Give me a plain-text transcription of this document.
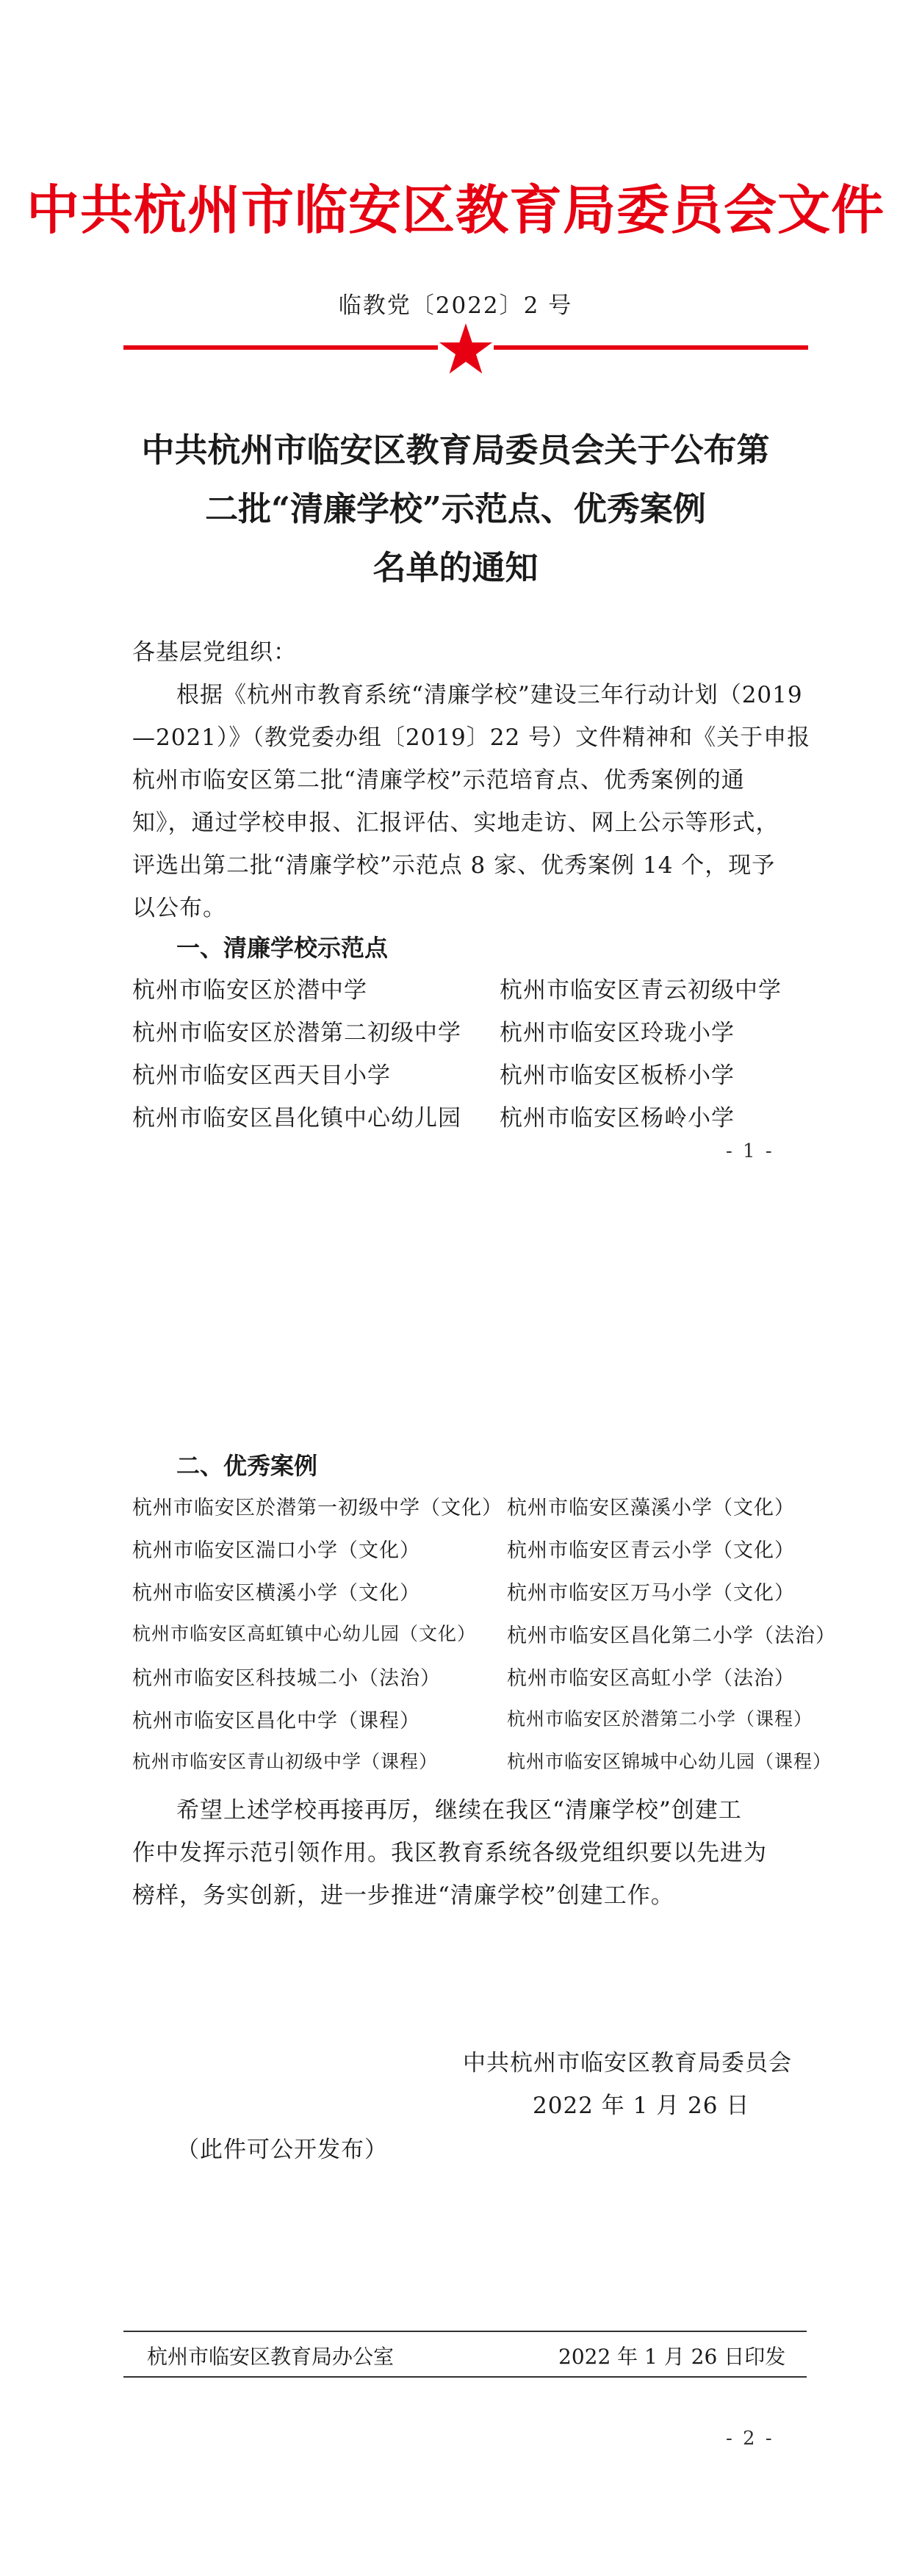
中共杭州市临安区教育局委员会文件
临教党〔2022〕2 号
中共杭州市临安区教育局委员会关于公布第
二批“清廉学校”示范点、优秀案例
名单的通知
各基层党组织：
根据《杭州市教育系统“清廉学校”建设三年行动计划（2019
—2021）》（教党委办组〔2019〕22 号）文件精神和《关于申报
杭州市临安区第二批“清廉学校”示范培育点、优秀案例的通
知》，通过学校申报、汇报评估、实地走访、网上公示等形式，
评选出第二批“清廉学校”示范点 8 家、优秀案例 14 个，现予
以公布。
一、清廉学校示范点
杭州市临安区於潜中学	杭州市临安区青云初级中学
杭州市临安区於潜第二初级中学 杭州市临安区玲珑小学
杭州市临安区西天目小学	杭州市临安区板桥小学
杭州市临安区昌化镇中心幼儿园 杭州市临安区杨岭小学
- 1 -
二、优秀案例
杭州市临安区於潜第一初级中学（文化） 杭州市临安区藻溪小学（文化）
杭州市临安区湍口小学（文化）	杭州市临安区青云小学（文化）
杭州市临安区横溪小学（文化）	杭州市临安区万马小学（文化）
杭州市临安区高虹镇中心幼儿园（文化） 杭州市临安区昌化第二小学（法治）
杭州市临安区科技城二小（法治）	杭州市临安区高虹小学（法治）
杭州市临安区昌化中学（课程）	杭州市临安区於潜第二小学（课程）
杭州市临安区青山初级中学（课程）	杭州市临安区锦城中心幼儿园（课程）
希望上述学校再接再厉，继续在我区“清廉学校”创建工
作中发挥示范引领作用。我区教育系统各级党组织要以先进为
榜样，务实创新，进一步推进“清廉学校”创建工作。
中共杭州市临安区教育局委员会
2022 年 1 月 26 日
（此件可公开发布）
杭州市临安区教育局办公室	2022 年 1 月 26 日印发
- 2 -
